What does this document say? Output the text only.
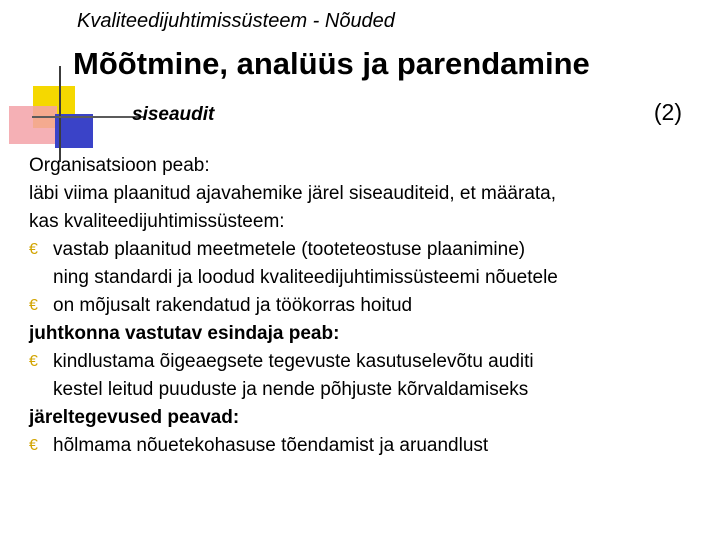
Kvaliteedijuhtimissüsteem - Nõuded
Mõõtmine, analüüs ja parendamine
siseaudit	(2)
Organisatsioon peab:
läbi viima plaanitud ajavahemike järel siseauditeid, et määrata,
kas kvaliteedijuhtimissüsteem:
€ vastab plaanitud meetmetele (tooteteostuse plaanimine)
ning standardi ja loodud kvaliteedijuhtimissüsteemi nõuetele
€ on mõjusalt rakendatud ja töökorras hoitud
juhtkonna vastutav esindaja peab:
€ kindlustama õigeaegsete tegevuste kasutuselevõtu auditi
kestel leitud puuduste ja nende põhjuste kõrvaldamiseks
järeltegevused peavad:
€ hõlmama nõuetekohasuse tõendamist ja aruandlust
